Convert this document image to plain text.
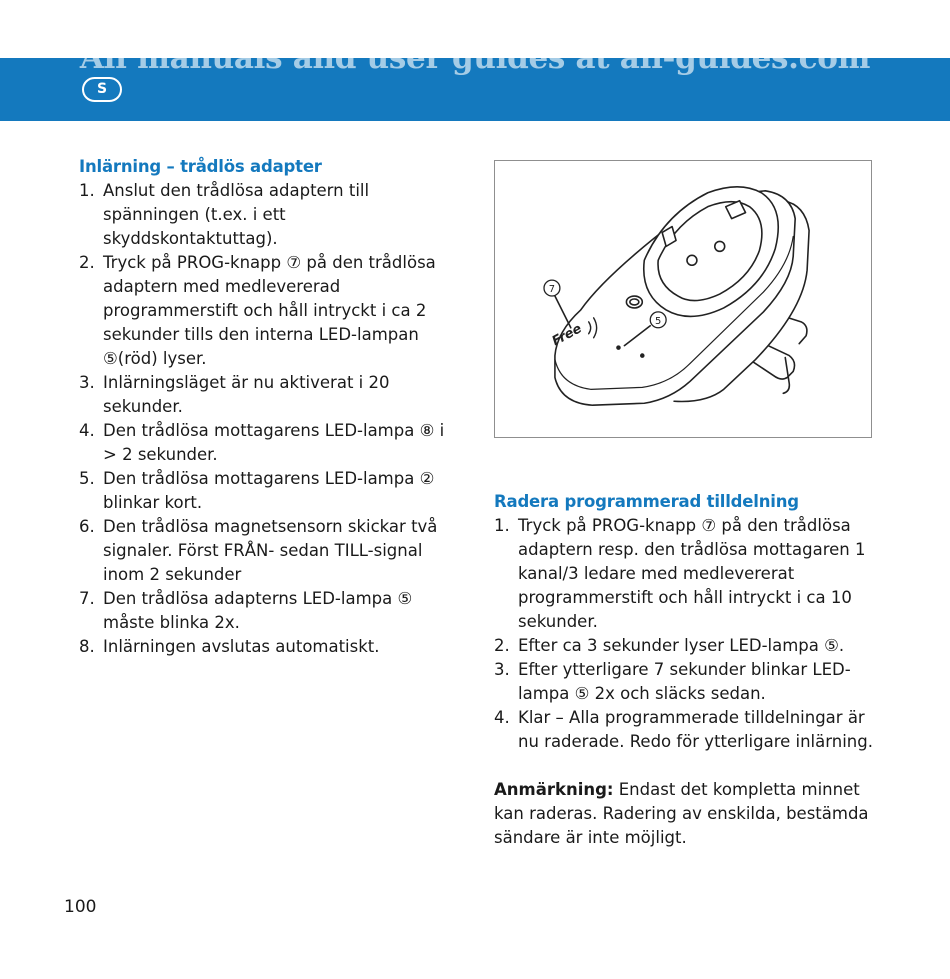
All manuals and user guides at all-guides.com
S
Inlärning – trådlös adapter
1. Anslut den trådlösa adaptern till spänningen (t.ex. i ett skyddskontaktuttag).
2. Tryck på PROG-knapp ⑦ på den trådlösa adaptern med medlevererad programmerstift och håll intryckt i ca 2 sekunder tills den interna LED-lampan ⑤(röd) lyser.
3. Inlärningsläget är nu aktiverat i 20 sekunder.
4. Den trådlösa mottagarens LED-lampa ⑧ i > 2 sekunder.
5. Den trådlösa mottagarens LED-lampa ② blinkar kort.
6. Den trådlösa magnetsensorn skickar två signaler. Först FRÅN- sedan TILL-signal inom 2 sekunder
7. Den trådlösa adapterns LED-lampa ⑤ måste blinka 2x.
8. Inlärningen avslutas automatiskt.
7
5
Free
Radera programmerad tilldelning
1. Tryck på PROG-knapp ⑦ på den trådlösa adaptern resp. den trådlösa mottagaren 1 kanal/3 ledare med medlevererat programmerstift och håll intryckt i ca 10 sekunder.
2. Efter ca 3 sekunder lyser LED-lampa ⑤.
3. Efter ytterligare 7 sekunder blinkar LED-lampa ⑤ 2x och släcks sedan.
4. Klar – Alla programmerade tilldelningar är nu raderade. Redo för ytterligare inlärning.

Anmärkning: Endast det kompletta minnet kan raderas. Radering av enskilda, bestämda sändare är inte möjligt.

100
